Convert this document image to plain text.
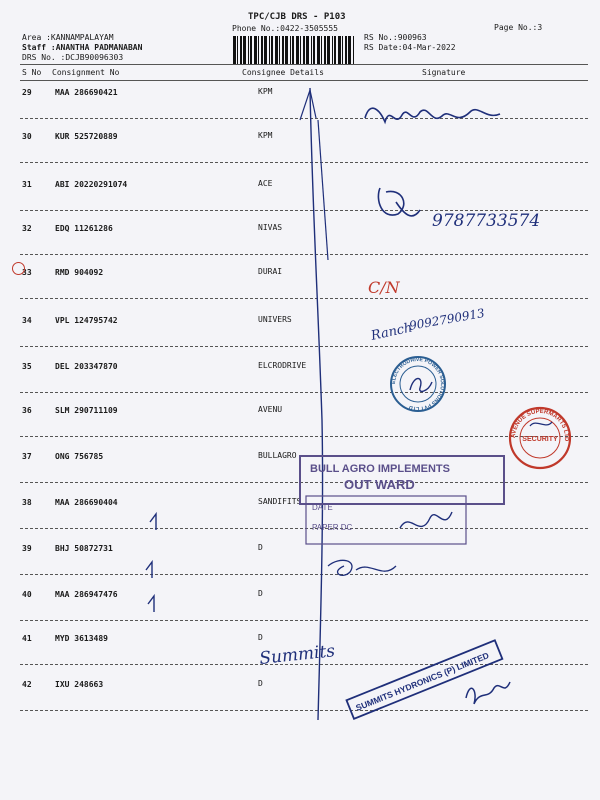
TPC/CJB DRS - P103
Phone No.:0422-3505555	Page No.:3
Area :KANNAMPALAYAM
Staff :ANANTHA PADMANABAN
DRS No. :DCJB90096303
RS No.:900963
RS Date:04-Mar-2022
S No Consignment No	Consignee Details	Signature
29	MAA 286690421	KPM
30	KUR 525720889	KPM
31	ABI 20220291074	ACE
32	EDQ 11261286	NIVAS
33	RMD 904092	DURAI
34	VPL 124795742	UNIVERS
35	DEL 203347870	ELCRODRIVE
36	SLM 290711109	AVENU
37	ONG 756785	BULLAGRO
38	MAA 286690404	SANDIFITS
39	BHJ 50872731	D
40	MAA 286947476	D
41	MYD 3613489	D
42	IXU 248663	D
9787733574
C/N
Ranch
9092790913
ELECTRODRIVE POWER SOLUTIONS PVT LTD
AVENUE SUPERMARTS LTD
SECURITY
BULL AGRO IMPLEMENTS
OUT WARD
DATE
PAPER DC
Summits SUMMITS HYDRONICS (P) LIMITED
